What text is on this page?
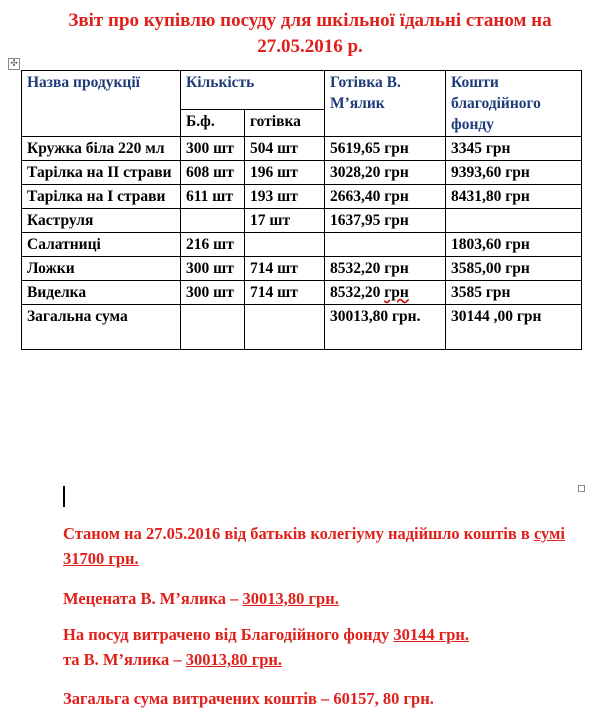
Звіт про купівлю посуду для шкільної їдальні станом на
27.05.2016 р.
✣
Назва продукції	Кількість		Готівка В. М’ялик	Кошти благодійного фонду
	Б.ф.	готівка		
Кружка біла 220 мл	300 шт	504 шт	5619,65 грн	3345 грн
Тарілка на ІІ страви	608 шт	196 шт	3028,20 грн	9393,60 грн
Тарілка на І страви	611 шт	193 шт	2663,40 грн	8431,80 грн
Каструля		17 шт	1637,95 грн	
Салатниці	216 шт			1803,60 грн
Ложки	300 шт	714 шт	8532,20 грн	3585,00 грн
Виделка	300 шт	714 шт	8532,20 грн	3585 грн
Загальна сума			30013,80 грн.	30144 ,00 грн
Станом на 27.05.2016 від батьків колегіуму надійшло коштів в сумі 31700 грн.
Мецената В. М’ялика – 30013,80 грн.
На посуд витрачено від Благодійного фонду 30144 грн.
та В. М’ялика – 30013,80 грн.
Загальга сума витрачених коштів – 60157, 80 грн.
